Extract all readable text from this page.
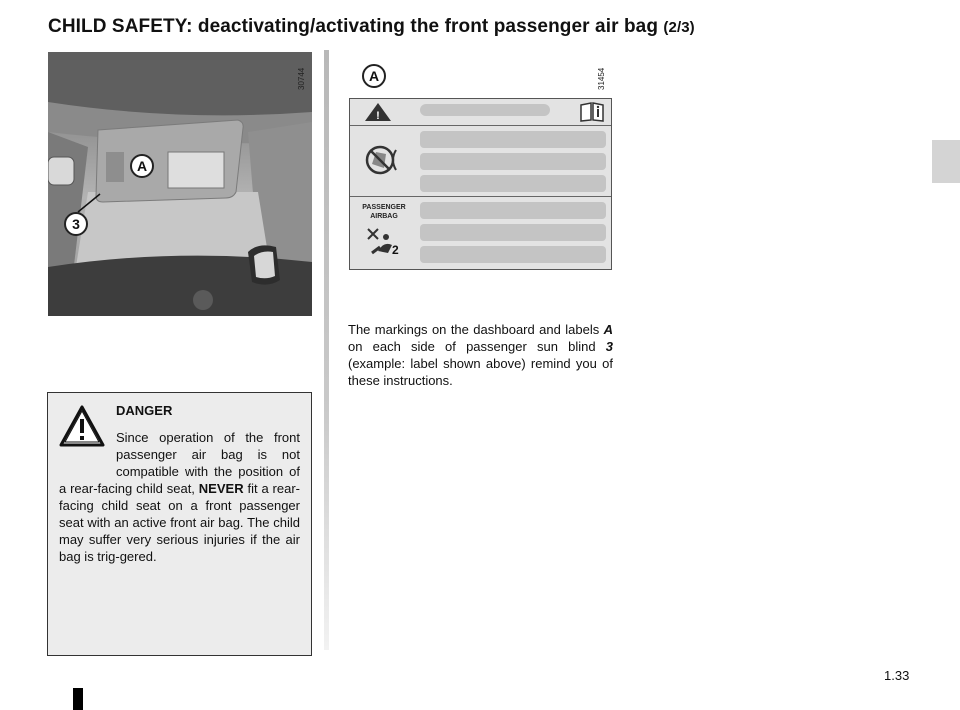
CHILD SAFETY: deactivating/activating the front passenger air bag (2/3)
A
3
30744	A	31454
!
PASSENGER
AIRBAG
2
The markings on the dashboard and labels A on each side of passenger sun blind 3 (example: label shown above) remind you of these instructions.
DANGER
Since operation of the front passenger air bag is not compatible with the position of a rear-facing child seat, NEVER fit a rear-facing child seat on a front passenger seat with an active front air bag. The child may suffer very serious injuries if the air bag is trig-gered.
1.33
